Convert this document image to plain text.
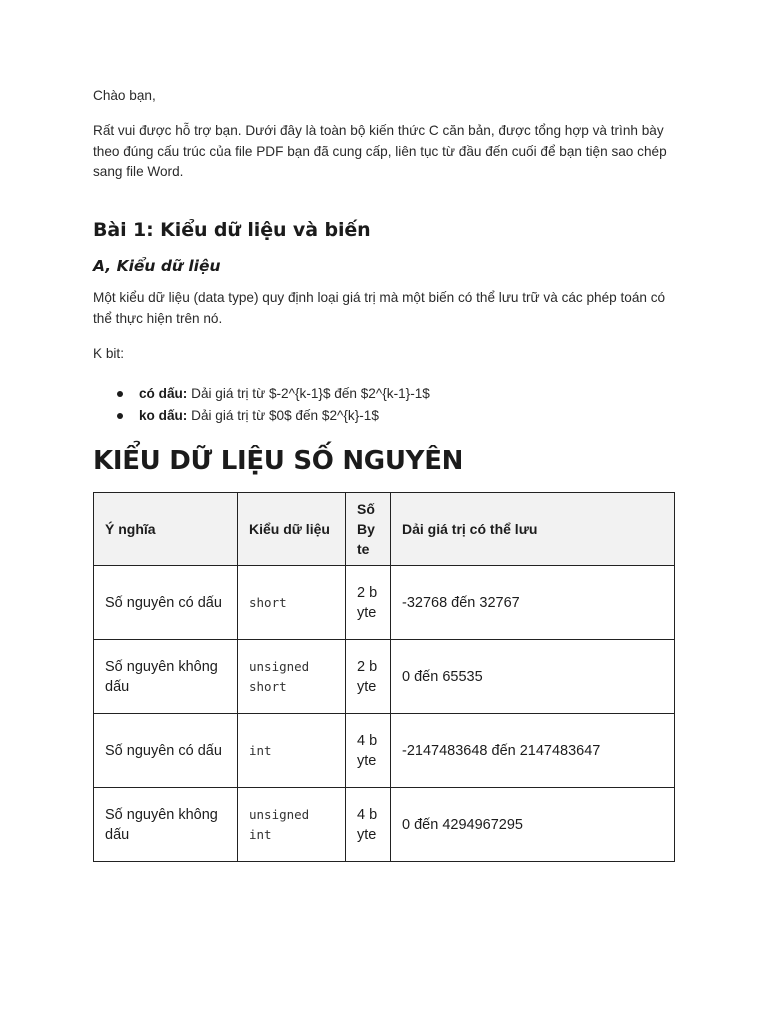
Chào bạn,

Rất vui được hỗ trợ bạn. Dưới đây là toàn bộ kiến thức C căn bản, được tổng hợp và trình bày theo đúng cấu trúc của file PDF bạn đã cung cấp, liên tục từ đầu đến cuối để bạn tiện sao chép sang file Word.

Bài 1: Kiểu dữ liệu và biến
A, Kiểu dữ liệu

Một kiểu dữ liệu (data type) quy định loại giá trị mà một biến có thể lưu trữ và các phép toán có thể thực hiện trên nó.

K bit:

có dấu: Dải giá trị từ $-2^{k-1}$ đến $2^{k-1}-1$
ko dấu: Dải giá trị từ $0$ đến $2^{k}-1$
KIỂU DỮ LIỆU SỐ NGUYÊN
Ý nghĩa	Kiểu dữ liệu	Số Byte	Dải giá trị có thể lưu
Số nguyên có dấu	short	2 byte	-32768 đến 32767
Số nguyên không dấu	unsigned short	2 byte	0 đến 65535
Số nguyên có dấu	int	4 byte	-2147483648 đến 2147483647
Số nguyên không dấu	unsigned int	4 byte	0 đến 4294967295
